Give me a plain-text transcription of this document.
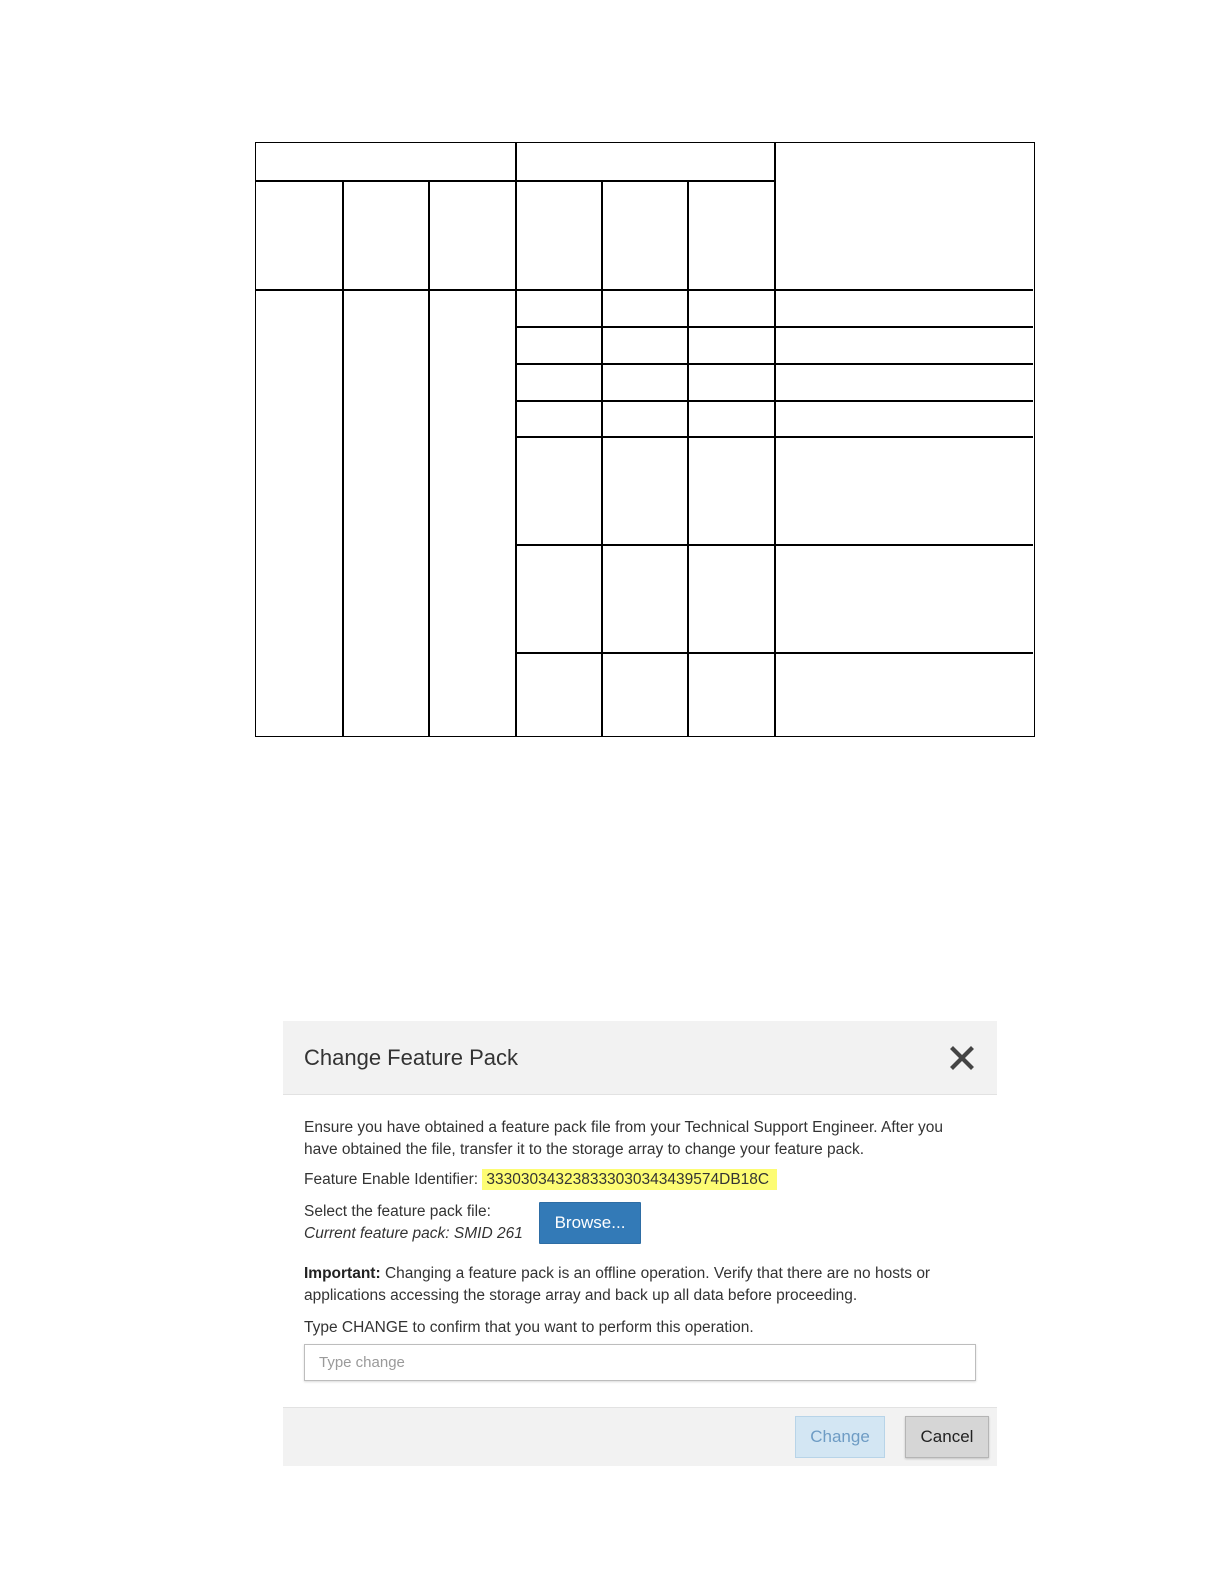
Change Feature Pack

Ensure you have obtained a feature pack file from your Technical Support Engineer. After you have obtained the file, transfer it to the storage array to change your feature pack.

Feature Enable Identifier: 333030343238333030343439574DB18C
Select the feature pack file:
Current feature pack: SMID 261
Browse...

Important: Changing a feature pack is an offline operation. Verify that there are no hosts or applications accessing the storage array and back up all data before proceeding.

Type CHANGE to confirm that you want to perform this operation.
Type change
Change	Cancel
